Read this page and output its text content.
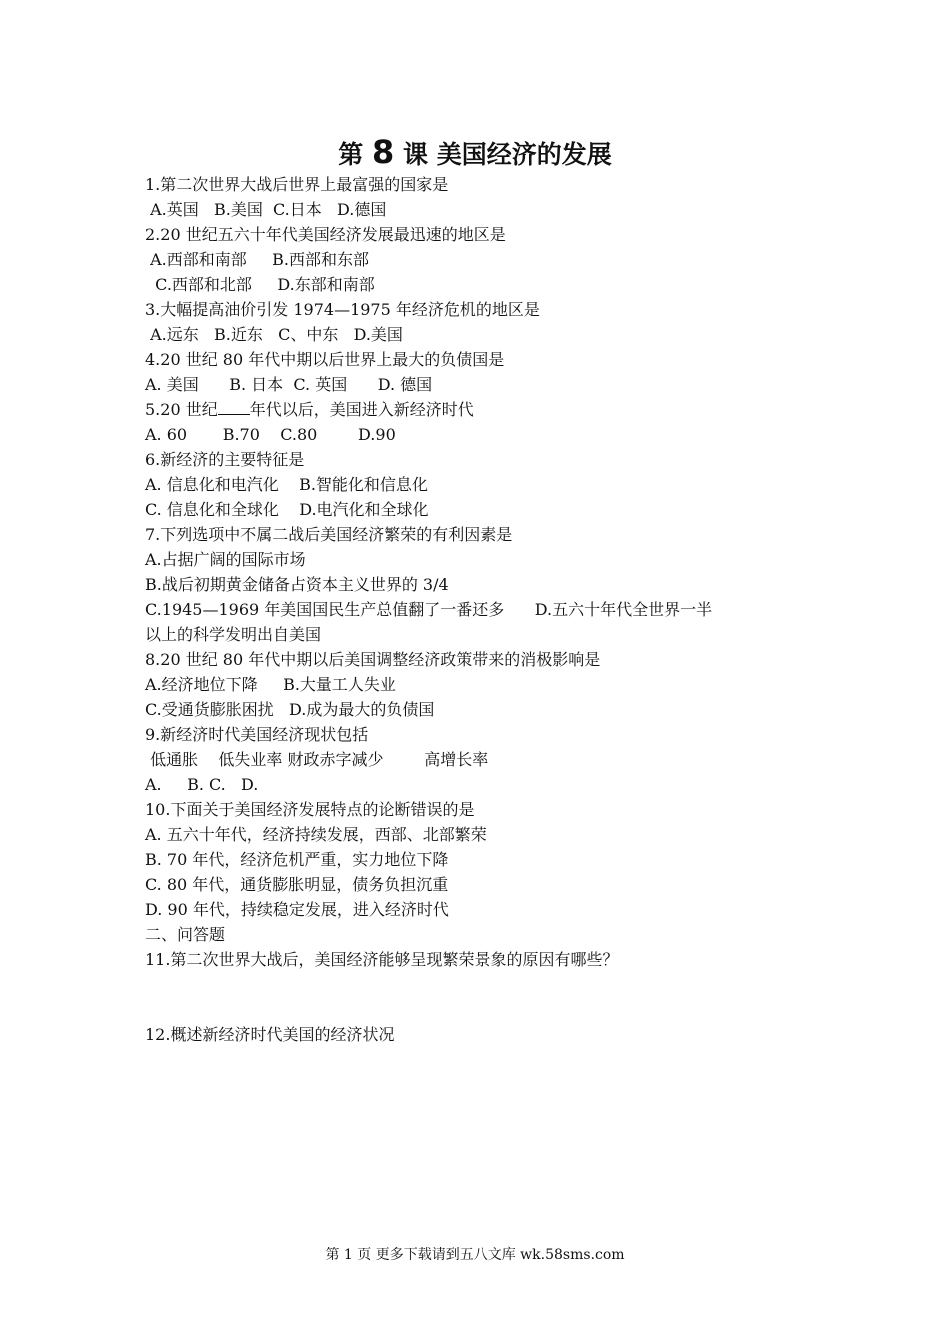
第 8 课 美国经济的发展
1.第二次世界大战后世界上最富强的国家是
A.英国   B.美国  C.日本   D.德国
2.20 世纪五六十年代美国经济发展最迅速的地区是
A.西部和南部     B.西部和东部
C.西部和北部     D.东部和南部
3.大幅提高油价引发 1974—1975 年经济危机的地区是
A.远东   B.近东   C、中东   D.美国
4.20 世纪 80 年代中期以后世界上最大的负债国是
A. 美国      B. 日本  C. 英国      D. 德国
5.20 世纪 年代以后，美国进入新经济时代
A. 60       B.70    C.80        D.90
6.新经济的主要特征是
A. 信息化和电汽化    B.智能化和信息化
C. 信息化和全球化    D.电汽化和全球化
7.下列选项中不属二战后美国经济繁荣的有利因素是
A.占据广阔的国际市场
B.战后初期黄金储备占资本主义世界的 3/4
C.1945—1969 年美国国民生产总值翻了一番还多      D.五六十年代全世界一半
以上的科学发明出自美国
8.20 世纪 80 年代中期以后美国调整经济政策带来的消极影响是
A.经济地位下降     B.大量工人失业
C.受通货膨胀困扰   D.成为最大的负债国
9.新经济时代美国经济现状包括
低通胀    低失业率 财政赤字减少        高增长率
A.     B. C.   D.
10.下面关于美国经济发展特点的论断错误的是
A. 五六十年代，经济持续发展，西部、北部繁荣
B. 70 年代，经济危机严重，实力地位下降
C. 80 年代，通货膨胀明显，债务负担沉重
D. 90 年代，持续稳定发展，进入经济时代
二、问答题
11.第二次世界大战后，美国经济能够呈现繁荣景象的原因有哪些？
12.概述新经济时代美国的经济状况
第 1 页 更多下载请到五八文库 wk.58sms.com
